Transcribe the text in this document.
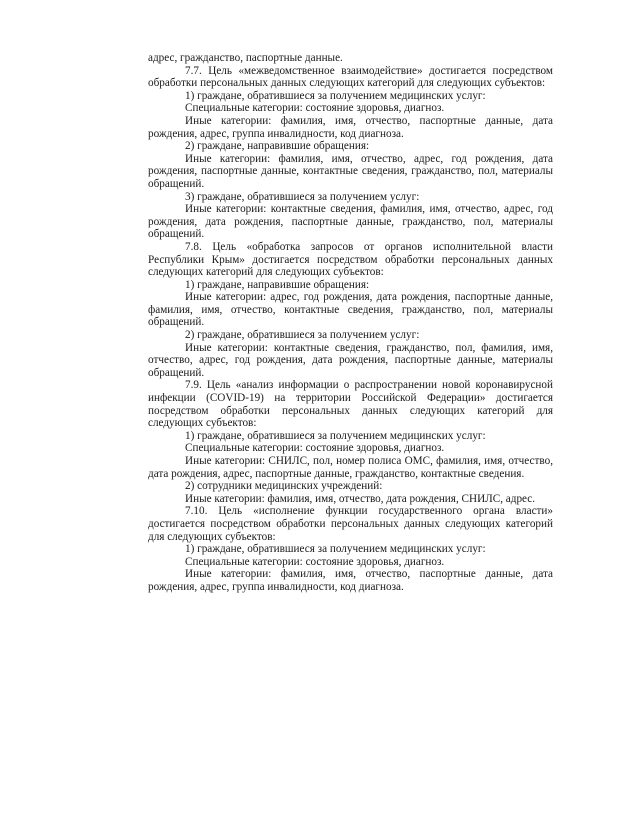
адрес, гражданство, паспортные данные.

7.7. Цель «межведомственное взаимодействие» достигается посредством обработки персональных данных следующих категорий для следующих субъектов:

1) граждане, обратившиеся за получением медицинских услуг:

Специальные категории: состояние здоровья, диагноз.

Иные категории: фамилия, имя, отчество, паспортные данные, дата рождения, адрес, группа инвалидности, код диагноза.

2) граждане, направившие обращения:

Иные категории: фамилия, имя, отчество, адрес, год рождения, дата рождения, паспортные данные, контактные сведения, гражданство, пол, материалы обращений.

3) граждане, обратившиеся за получением услуг:

Иные категории: контактные сведения, фамилия, имя, отчество, адрес, год рождения, дата рождения, паспортные данные, гражданство, пол, материалы обращений.

7.8. Цель «обработка запросов от органов исполнительной власти Республики Крым» достигается посредством обработки персональных данных следующих категорий для следующих субъектов:

1) граждане, направившие обращения:

Иные категории: адрес, год рождения, дата рождения, паспортные данные, фамилия, имя, отчество, контактные сведения, гражданство, пол, материалы обращений.

2) граждане, обратившиеся за получением услуг:

Иные категории: контактные сведения, гражданство, пол, фамилия, имя, отчество, адрес, год рождения, дата рождения, паспортные данные, материалы обращений.

7.9. Цель «анализ информации о распространении новой коронавирусной инфекции (COVID-19) на территории Российской Федерации» достигается посредством обработки персональных данных следующих категорий для следующих субъектов:

1) граждане, обратившиеся за получением медицинских услуг:

Специальные категории: состояние здоровья, диагноз.

Иные категории: СНИЛС, пол, номер полиса ОМС, фамилия, имя, отчество, дата рождения, адрес, паспортные данные, гражданство, контактные сведения.

2) сотрудники медицинских учреждений:

Иные категории: фамилия, имя, отчество, дата рождения, СНИЛС, адрес.

7.10. Цель «исполнение функции государственного органа власти» достигается посредством обработки персональных данных следующих категорий для следующих субъектов:

1) граждане, обратившиеся за получением медицинских услуг:

Специальные категории: состояние здоровья, диагноз.

Иные категории: фамилия, имя, отчество, паспортные данные, дата рождения, адрес, группа инвалидности, код диагноза.
